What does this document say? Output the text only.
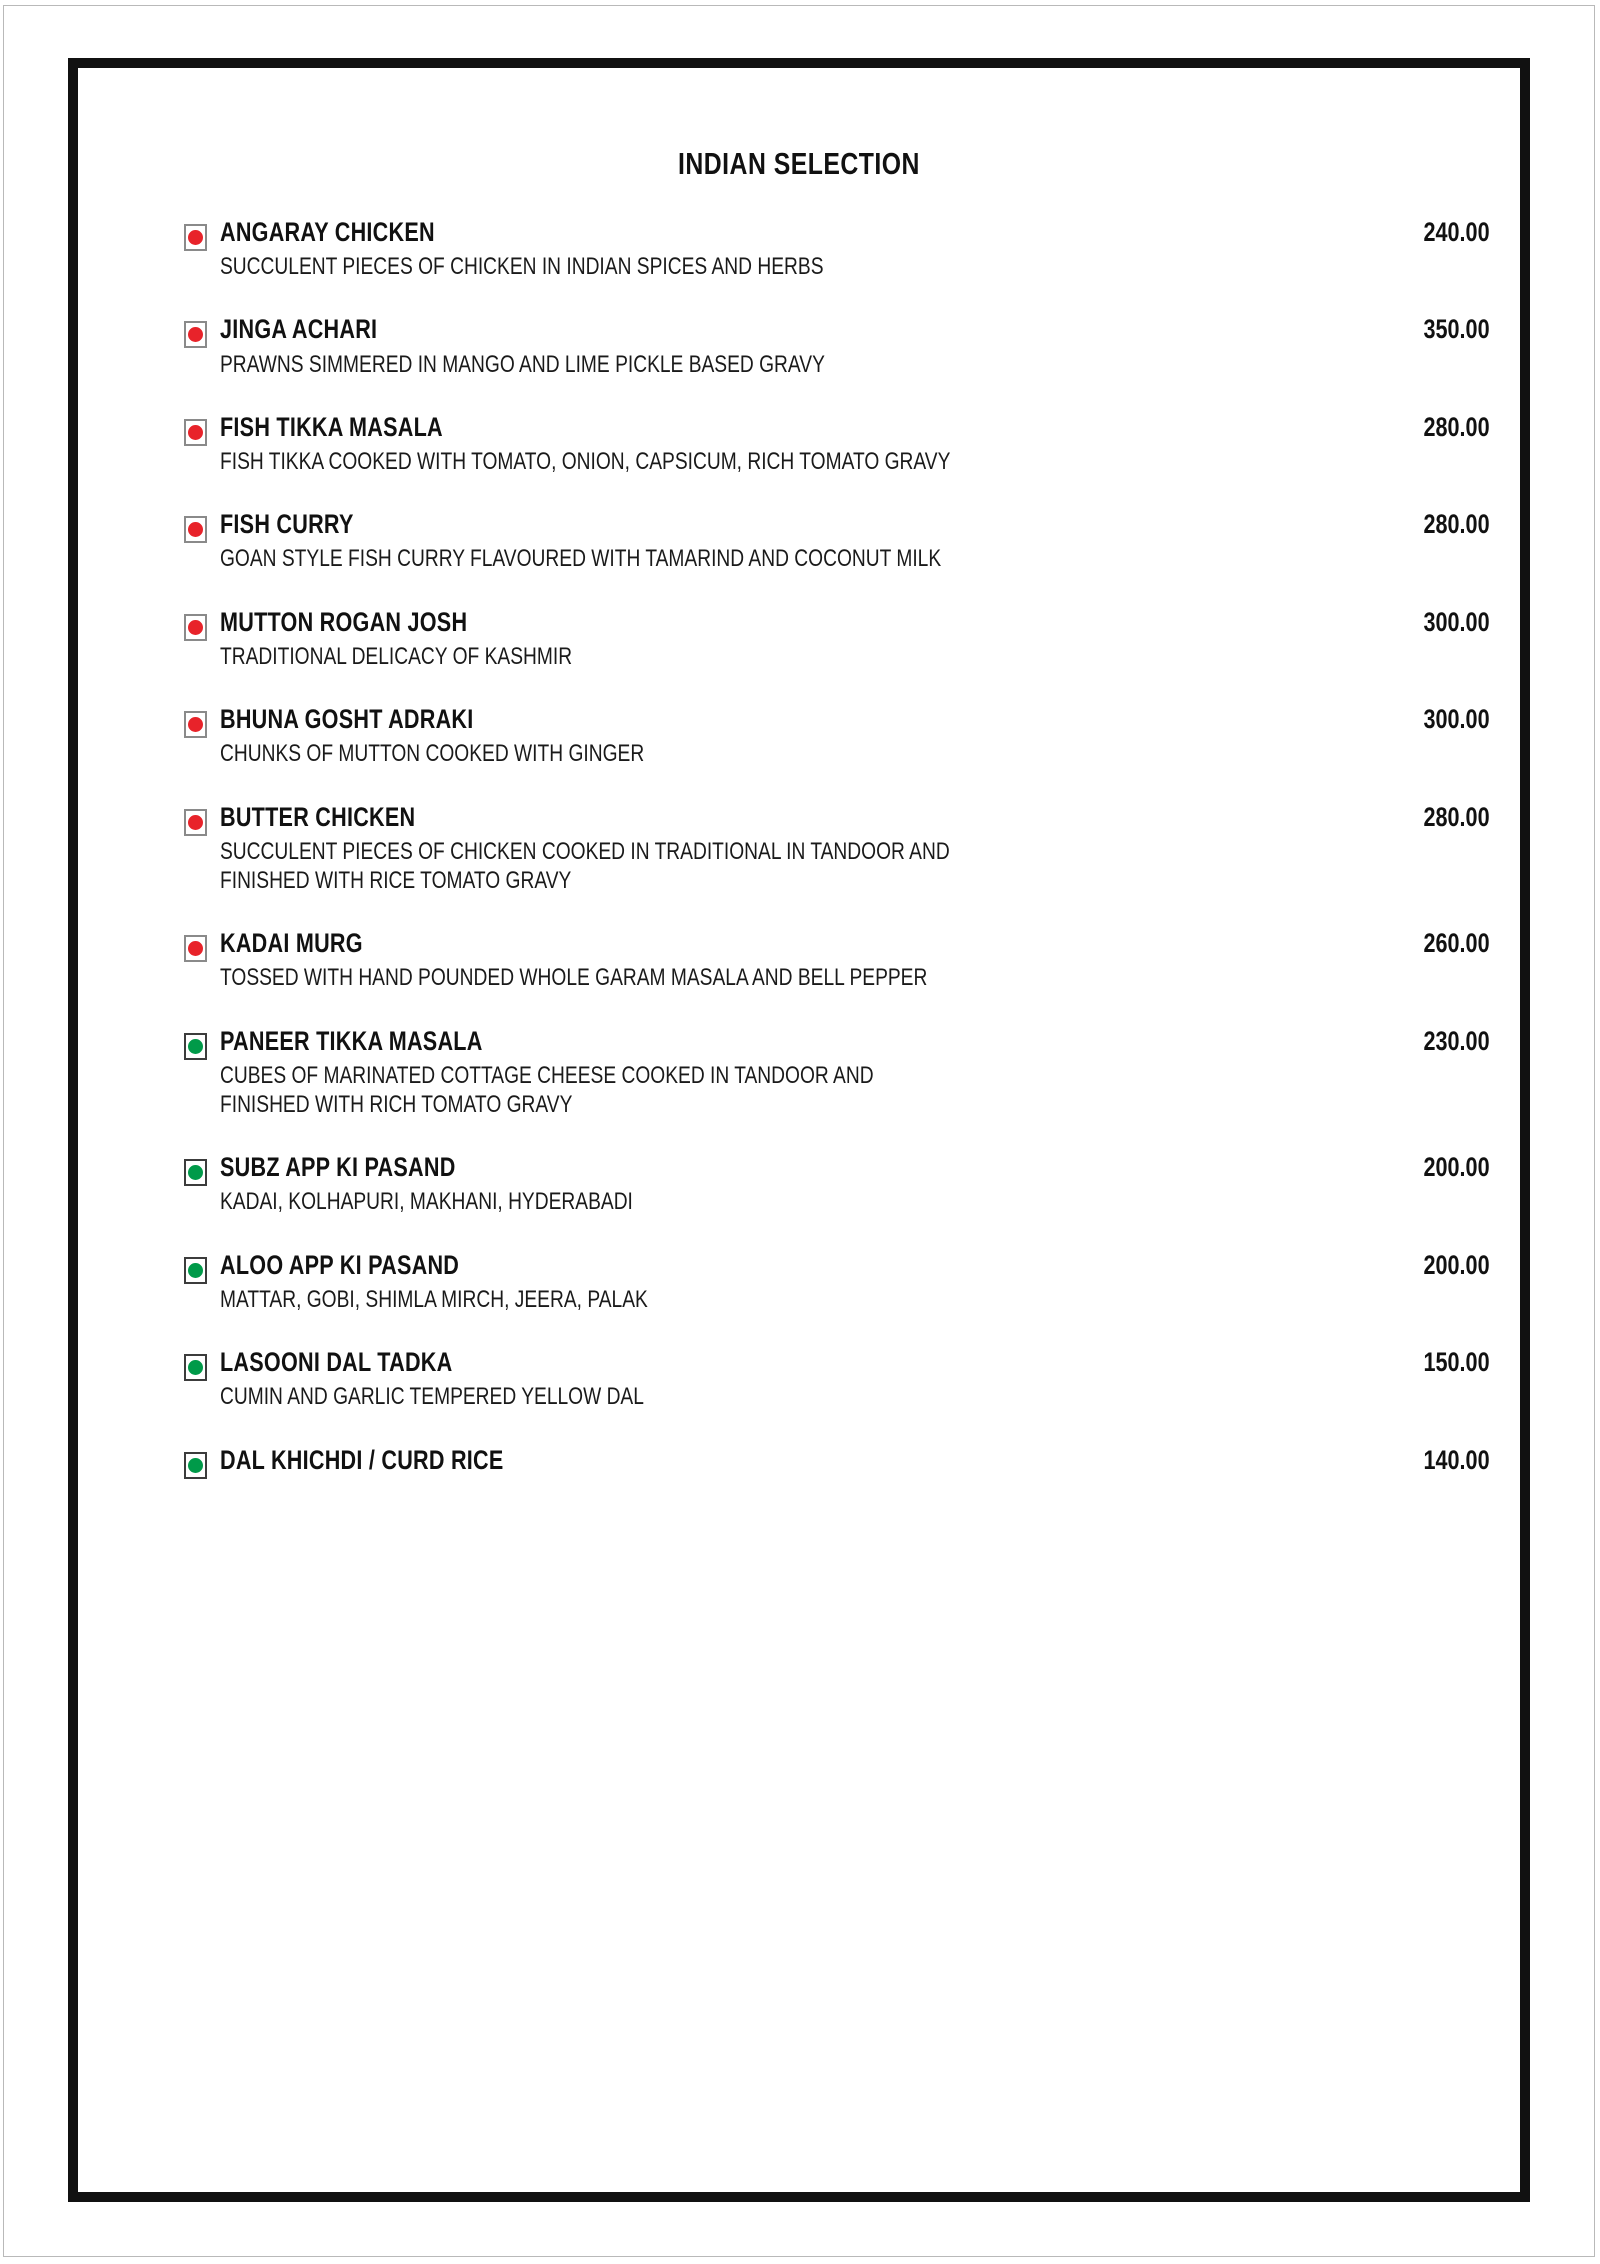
INDIAN SELECTION
ANGARAY CHICKEN	240.00
SUCCULENT PIECES OF CHICKEN IN INDIAN SPICES AND HERBS
JINGA ACHARI	350.00
PRAWNS SIMMERED IN MANGO AND LIME PICKLE BASED GRAVY
FISH TIKKA MASALA	280.00
FISH TIKKA COOKED WITH TOMATO, ONION, CAPSICUM, RICH TOMATO GRAVY
FISH CURRY	280.00
GOAN STYLE FISH CURRY FLAVOURED WITH TAMARIND AND COCONUT MILK
MUTTON ROGAN JOSH	300.00
TRADITIONAL DELICACY OF KASHMIR
BHUNA GOSHT ADRAKI	300.00
CHUNKS OF MUTTON COOKED WITH GINGER
BUTTER CHICKEN	280.00
SUCCULENT PIECES OF CHICKEN COOKED IN TRADITIONAL IN TANDOOR AND
FINISHED WITH RICE TOMATO GRAVY
KADAI MURG	260.00
TOSSED WITH HAND POUNDED WHOLE GARAM MASALA AND BELL PEPPER
PANEER TIKKA MASALA	230.00
CUBES OF MARINATED COTTAGE CHEESE COOKED IN TANDOOR AND
FINISHED WITH RICH TOMATO GRAVY
SUBZ APP KI PASAND	200.00
KADAI, KOLHAPURI, MAKHANI, HYDERABADI
ALOO APP KI PASAND	200.00
MATTAR, GOBI, SHIMLA MIRCH, JEERA, PALAK
LASOONI DAL TADKA	150.00
CUMIN AND GARLIC TEMPERED YELLOW DAL
DAL KHICHDI / CURD RICE	140.00
